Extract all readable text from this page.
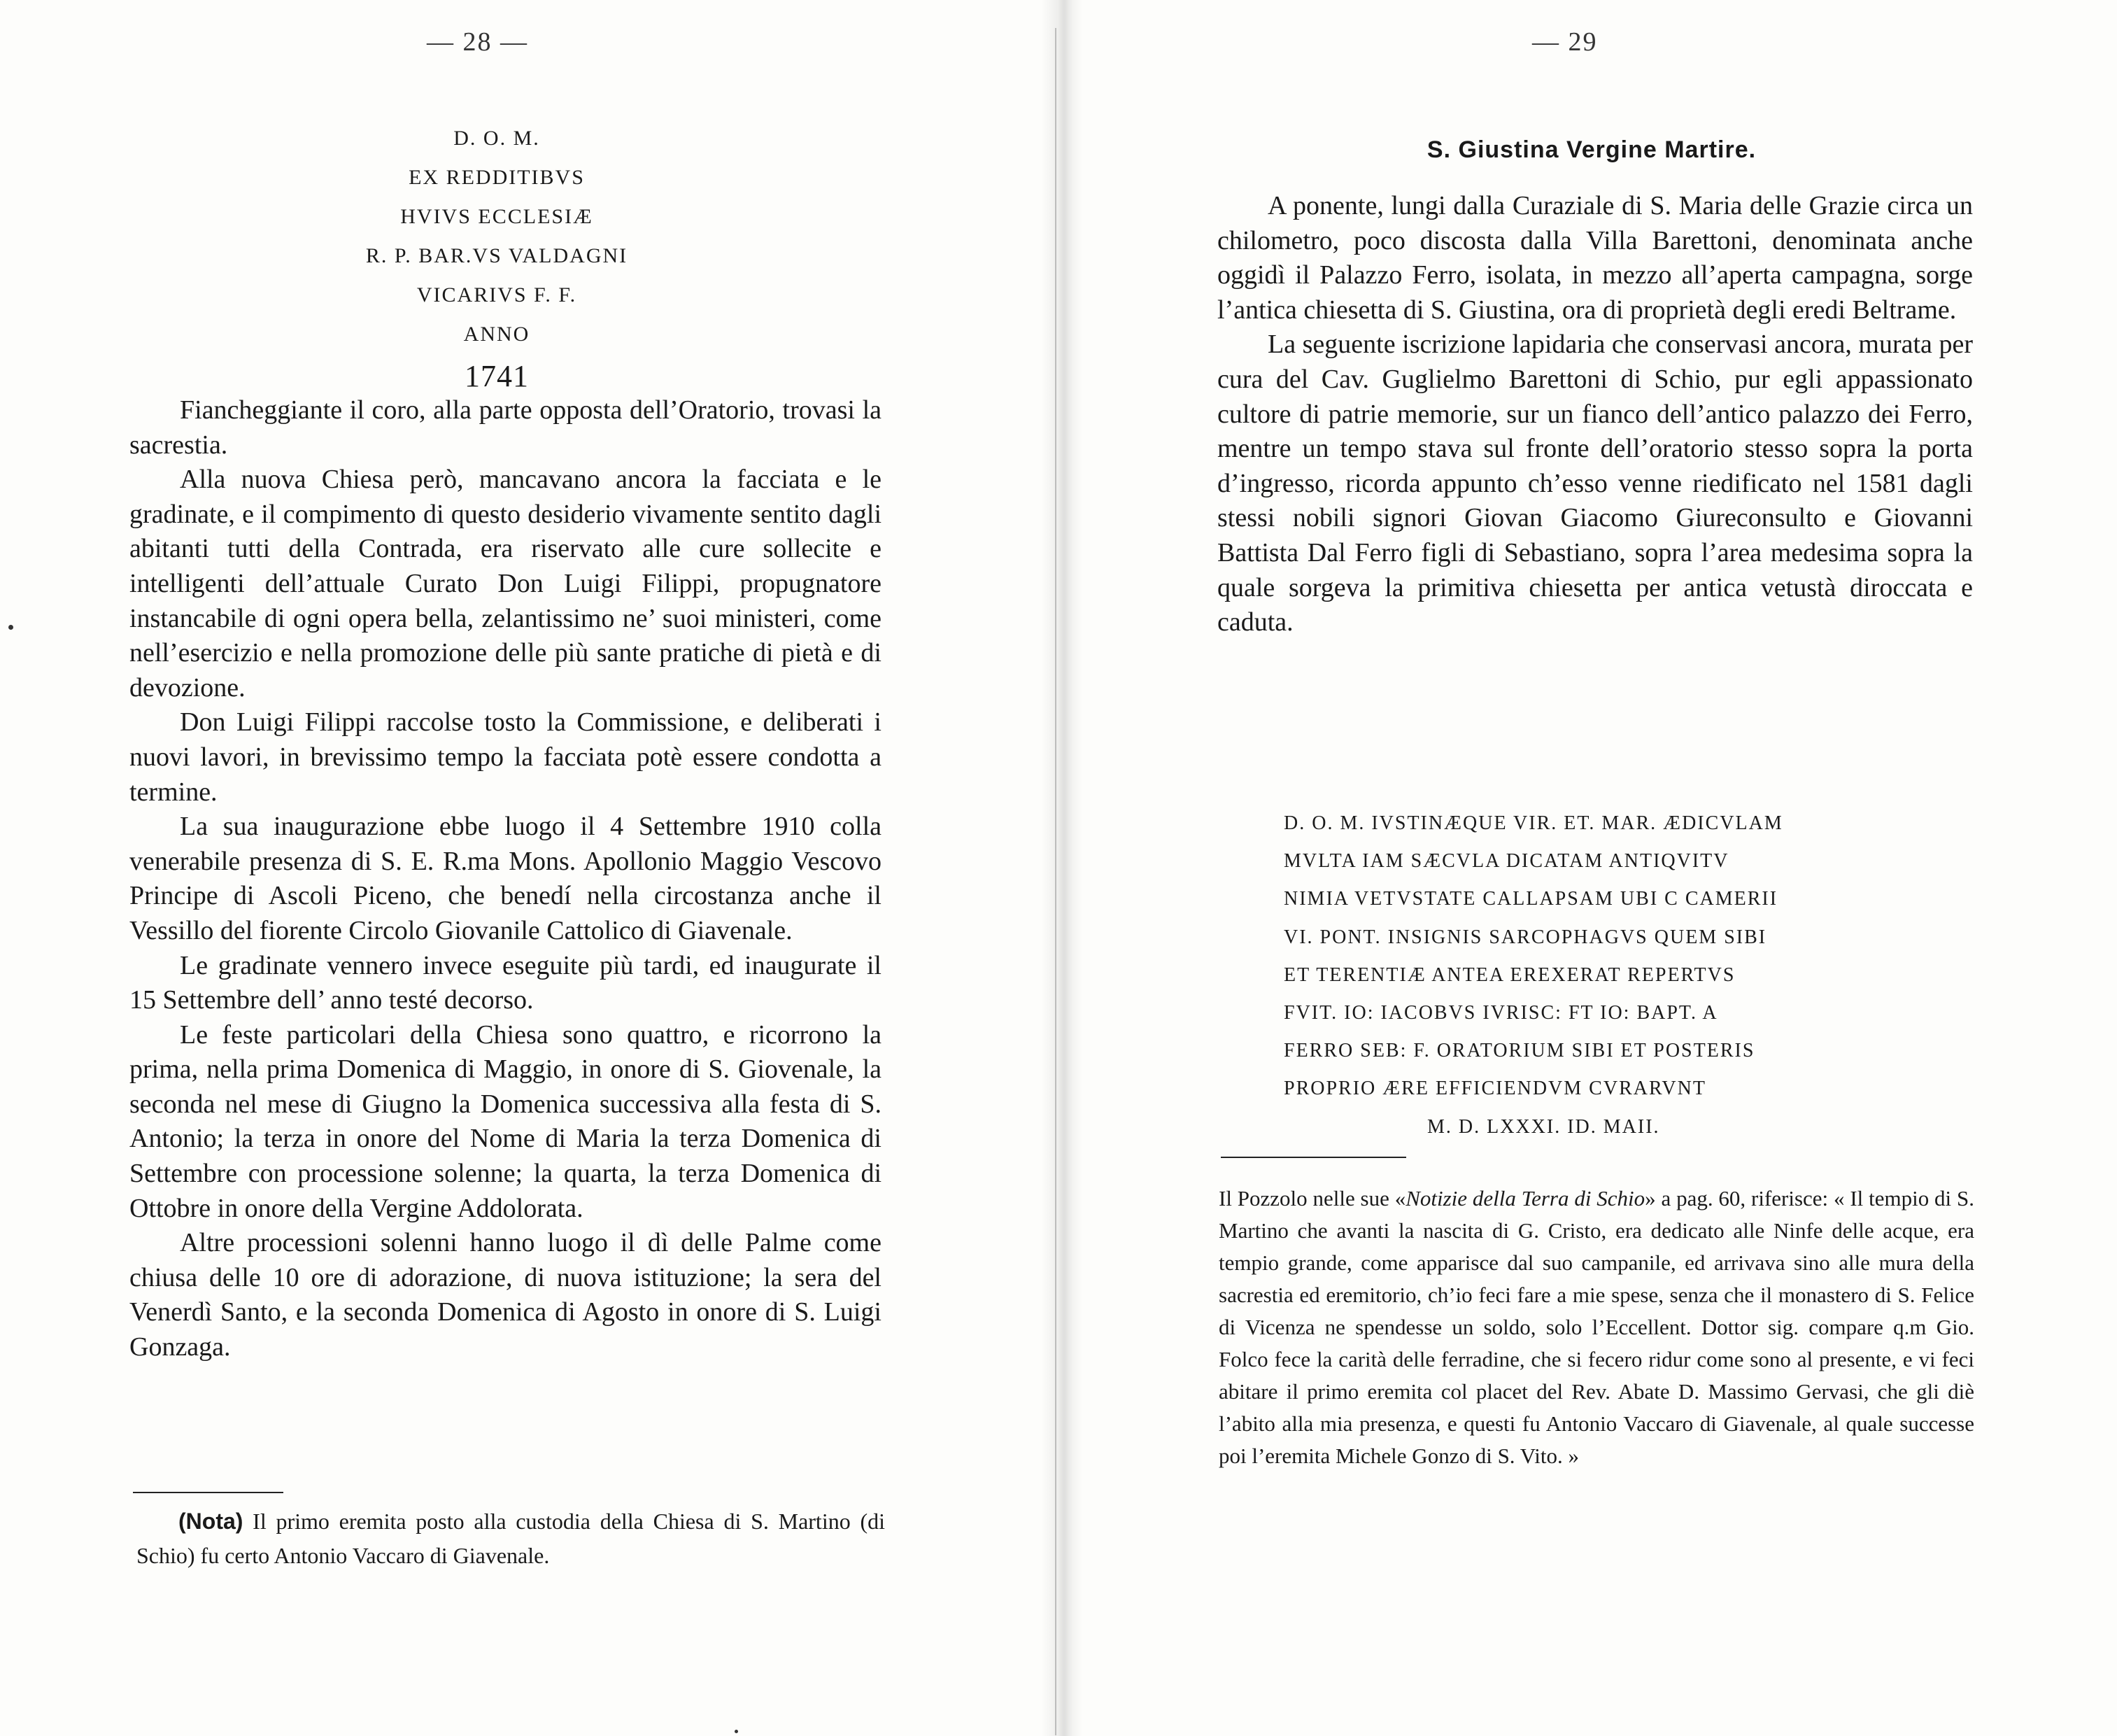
— 28 —
D. O. M.
EX REDDITIBVS
HVIVS ECCLESIÆ
R. P. BAR.VS VALDAGNI
VICARIVS F. F.
ANNO
1741

Fiancheggiante il coro, alla parte opposta dell’Oratorio, trovasi la sacrestia.

Alla nuova Chiesa però, mancavano ancora la facciata e le gradinate, e il compimento di questo desiderio vivamente sentito dagli abitanti tutti della Contrada, era riservato alle cure sollecite e intelligenti dell’attuale Curato Don Luigi Filippi, propugnatore instancabile di ogni opera bella, zelantissimo ne’ suoi ministeri, come nell’esercizio e nella promozione delle più sante pratiche di pietà e di devozione.

Don Luigi Filippi raccolse tosto la Commissione, e deliberati i nuovi lavori, in brevissimo tempo la facciata potè essere condotta a termine.

La sua inaugurazione ebbe luogo il 4 Settembre 1910 colla venerabile presenza di S. E. R.ma Mons. Apollonio Maggio Vescovo Principe di Ascoli Piceno, che benedí nella circostanza anche il Vessillo del fiorente Circolo Giovanile Cattolico di Giavenale.

Le gradinate vennero invece eseguite più tardi, ed inaugurate il 15 Settembre dell’ anno testé decorso.

Le feste particolari della Chiesa sono quattro, e ricorrono la prima, nella prima Domenica di Maggio, in onore di S. Giovenale, la seconda nel mese di Giugno la Domenica successiva alla festa di S. Antonio; la terza in onore del Nome di Maria la terza Domenica di Settembre con processione solenne; la quarta, la terza Domenica di Ottobre in onore della Vergine Addolorata.

Altre processioni solenni hanno luogo il dì delle Palme come chiusa delle 10 ore di adorazione, di nuova istituzione; la sera del Venerdì Santo, e la seconda Domenica di Agosto in onore di S. Luigi Gonzaga.

(Nota) Il primo eremita posto alla custodia della Chiesa di S. Martino (di Schio) fu certo Antonio Vaccaro di Giavenale.

— 29
S. Giustina Vergine Martire.

A ponente, lungi dalla Curaziale di S. Maria delle Grazie circa un chilometro, poco discosta dalla Villa Barettoni, denominata anche oggidì il Palazzo Ferro, isolata, in mezzo all’aperta campagna, sorge l’antica chiesetta di S. Giustina, ora di proprietà degli eredi Beltrame.

La seguente iscrizione lapidaria che conservasi ancora, murata per cura del Cav. Guglielmo Barettoni di Schio, pur egli appassionato cultore di patrie memorie, sur un fianco dell’antico palazzo dei Ferro, mentre un tempo stava sul fronte dell’oratorio stesso sopra la porta d’ingresso, ricorda appunto ch’esso venne riedificato nel 1581 dagli stessi nobili signori Giovan Giacomo Giureconsulto e Giovanni Battista Dal Ferro figli di Sebastiano, sopra l’area medesima sopra la quale sorgeva la primitiva chiesetta per antica vetustà diroccata e caduta.

D. O. M. IVSTINÆQUE VIR. ET. MAR. ÆDICVLAM
MVLTA IAM SÆCVLA DICATAM ANTIQVITV
NIMIA VETVSTATE CALLAPSAM UBI C CAMERII
VI. PONT. INSIGNIS SARCOPHAGVS QUEM SIBI
ET TERENTIÆ ANTEA EREXERAT REPERTVS
FVIT. IO: IACOBVS IVRISC: FT IO: BAPT. A
FERRO SEB: F. ORATORIUM SIBI ET POSTERIS
PROPRIO ÆRE EFFICIENDVM CVRARVNT
M. D. LXXXI. ID. MAII.

Il Pozzolo nelle sue «Notizie della Terra di Schio» a pag. 60, riferisce: « Il tempio di S. Martino che avanti la nascita di G. Cristo, era dedicato alle Ninfe delle acque, era tempio grande, come apparisce dal suo campanile, ed arrivava sino alle mura della sacrestia ed eremitorio, ch’io feci fare a mie spese, senza che il monastero di S. Felice di Vicenza ne spendesse un soldo, solo l’Eccellent. Dottor sig. compare q.m Gio. Folco fece la carità delle ferradine, che si fecero ridur come sono al presente, e vi feci abitare il primo eremita col placet del Rev. Abate D. Massimo Gervasi, che gli diè l’abito alla mia presenza, e questi fu Antonio Vaccaro di Giavenale, al quale successe poi l’eremita Michele Gonzo di S. Vito. »
